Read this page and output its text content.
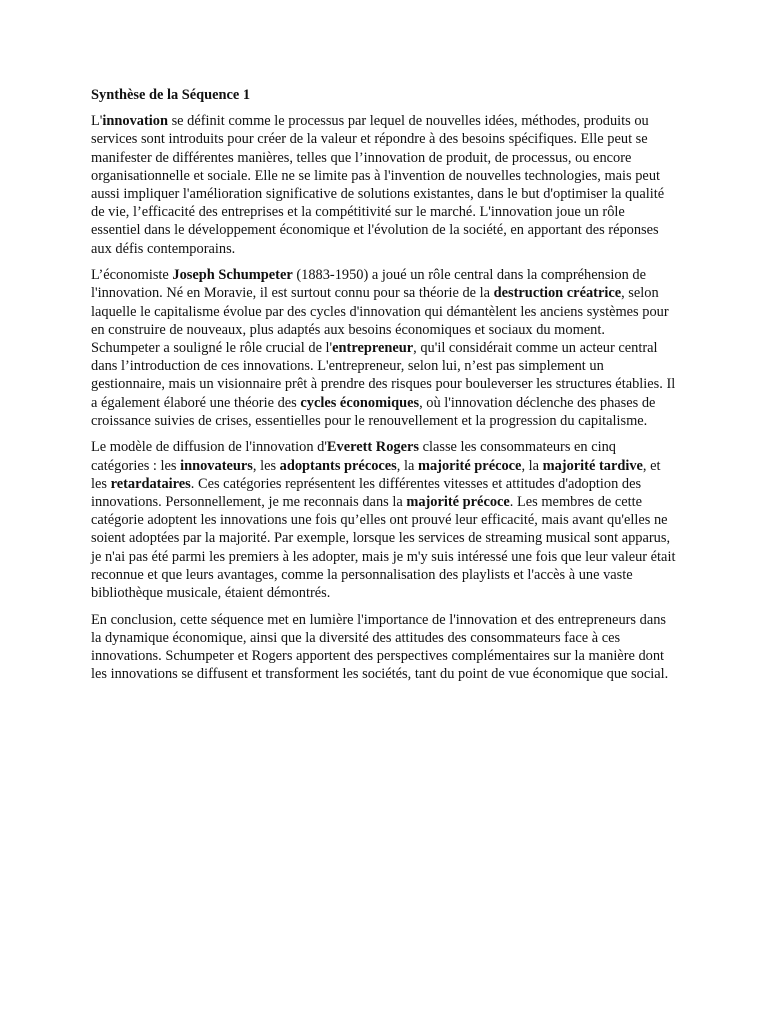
Synthèse de la Séquence 1

L'innovation se définit comme le processus par lequel de nouvelles idées, méthodes, produits ou services sont introduits pour créer de la valeur et répondre à des besoins spécifiques. Elle peut se manifester de différentes manières, telles que l’innovation de produit, de processus, ou encore organisationnelle et sociale. Elle ne se limite pas à l'invention de nouvelles technologies, mais peut aussi impliquer l'amélioration significative de solutions existantes, dans le but d'optimiser la qualité de vie, l’efficacité des entreprises et la compétitivité sur le marché. L'innovation joue un rôle essentiel dans le développement économique et l'évolution de la société, en apportant des réponses aux défis contemporains.

L’économiste Joseph Schumpeter (1883-1950) a joué un rôle central dans la compréhension de l'innovation. Né en Moravie, il est surtout connu pour sa théorie de la destruction créatrice, selon laquelle le capitalisme évolue par des cycles d'innovation qui démantèlent les anciens systèmes pour en construire de nouveaux, plus adaptés aux besoins économiques et sociaux du moment. Schumpeter a souligné le rôle crucial de l'entrepreneur, qu'il considérait comme un acteur central dans l’introduction de ces innovations. L'entrepreneur, selon lui, n’est pas simplement un gestionnaire, mais un visionnaire prêt à prendre des risques pour bouleverser les structures établies. Il a également élaboré une théorie des cycles économiques, où l'innovation déclenche des phases de croissance suivies de crises, essentielles pour le renouvellement et la progression du capitalisme.

Le modèle de diffusion de l'innovation d'Everett Rogers classe les consommateurs en cinq catégories : les innovateurs, les adoptants précoces, la majorité précoce, la majorité tardive, et les retardataires. Ces catégories représentent les différentes vitesses et attitudes d'adoption des innovations. Personnellement, je me reconnais dans la majorité précoce. Les membres de cette catégorie adoptent les innovations une fois qu’elles ont prouvé leur efficacité, mais avant qu'elles ne soient adoptées par la majorité. Par exemple, lorsque les services de streaming musical sont apparus, je n'ai pas été parmi les premiers à les adopter, mais je m'y suis intéressé une fois que leur valeur était reconnue et que leurs avantages, comme la personnalisation des playlists et l'accès à une vaste bibliothèque musicale, étaient démontrés.

En conclusion, cette séquence met en lumière l'importance de l'innovation et des entrepreneurs dans la dynamique économique, ainsi que la diversité des attitudes des consommateurs face à ces innovations. Schumpeter et Rogers apportent des perspectives complémentaires sur la manière dont les innovations se diffusent et transforment les sociétés, tant du point de vue économique que social.
